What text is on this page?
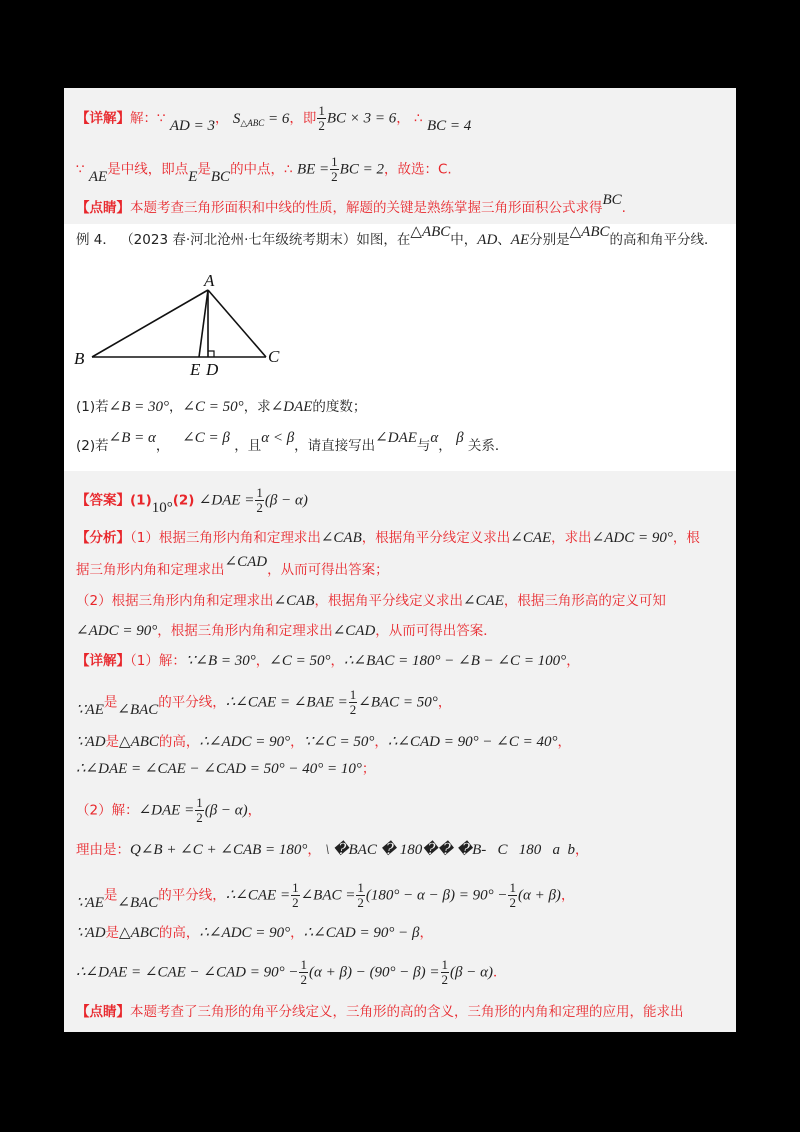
【详解】解：∵ AD = 3， $S_{\triangle ABC} = 6$，即 $\frac{1}{2}$ BC × 3 = 6， ∴ BC = 4
∵ AE是中线，即点E是BC的中点，∴ BE = $\frac{1}{2}$ BC = 2，故选：C.
【点睛】本题考查三角形面积和中线的性质，解题的关键是熟练掌握三角形面积公式求得BC.
例 4． （2023 春·河北沧州·七年级统考期末）如图，在△ABC中，AD、AE分别是△ABC的高和角平分线．
A
B	C
D
E
(1)若∠B = 30°，∠C = 50°，求∠DAE的度数；
(2)若∠B = α， ∠C = β ，且α < β，请直接写出∠DAE与α， β 关系．
【答案】(1)10°(2) ∠DAE = $\frac{1}{2} (\beta - \alpha)$
【分析】（1）根据三角形内角和定理求出∠CAB，根据角平分线定义求出∠CAE，求出∠ADC = 90°，根
据三角形内角和定理求出∠CAD，从而可得出答案；
（2）根据三角形内角和定理求出∠CAB，根据角平分线定义求出∠CAE，根据三角形高的定义可知
∠ADC = 90°，根据三角形内角和定理求出∠CAD，从而可得出答案．
【详解】（1）解：∵∠B = 30°，∠C = 50°，∴∠BAC = 180° − ∠B − ∠C = 100°，
∵AE是∠BAC的平分线，∴∠CAE = ∠BAE = $\frac{1}{2}$ ∠BAC = 50°，
∵AD是△ABC的高，∴∠ADC = 90°，∵∠C = 50°，∴∠CAD = 90° − ∠C = 40°，
∴∠DAE = ∠CAE − ∠CAD = 50° − 40° = 10°；
（2）解：∠DAE = $\frac{1}{2} (\beta - \alpha)$，
理由是：Q∠B + ∠C + ∠CAB = 180°， \ �BAC � 180�� �B-   C   180   a  b，
∵AE是∠BAC的平分线，∴∠CAE = $\frac{1}{2}$ ∠BAC = $\frac{1}{2} (180^\circ - \alpha - \beta) = 90^\circ - \frac{1}{2} (\alpha + \beta)$，
∵AD是△ABC的高，∴∠ADC = 90°，∴∠CAD = 90° − β，
∴∠DAE = ∠CAE − ∠CAD = $90^\circ - \frac{1}{2} (\alpha + \beta) - (90^\circ - \beta) = \frac{1}{2} (\beta - \alpha)$．
【点睛】本题考查了三角形的角平分线定义，三角形的高的含义，三角形的内角和定理的应用，能求出
